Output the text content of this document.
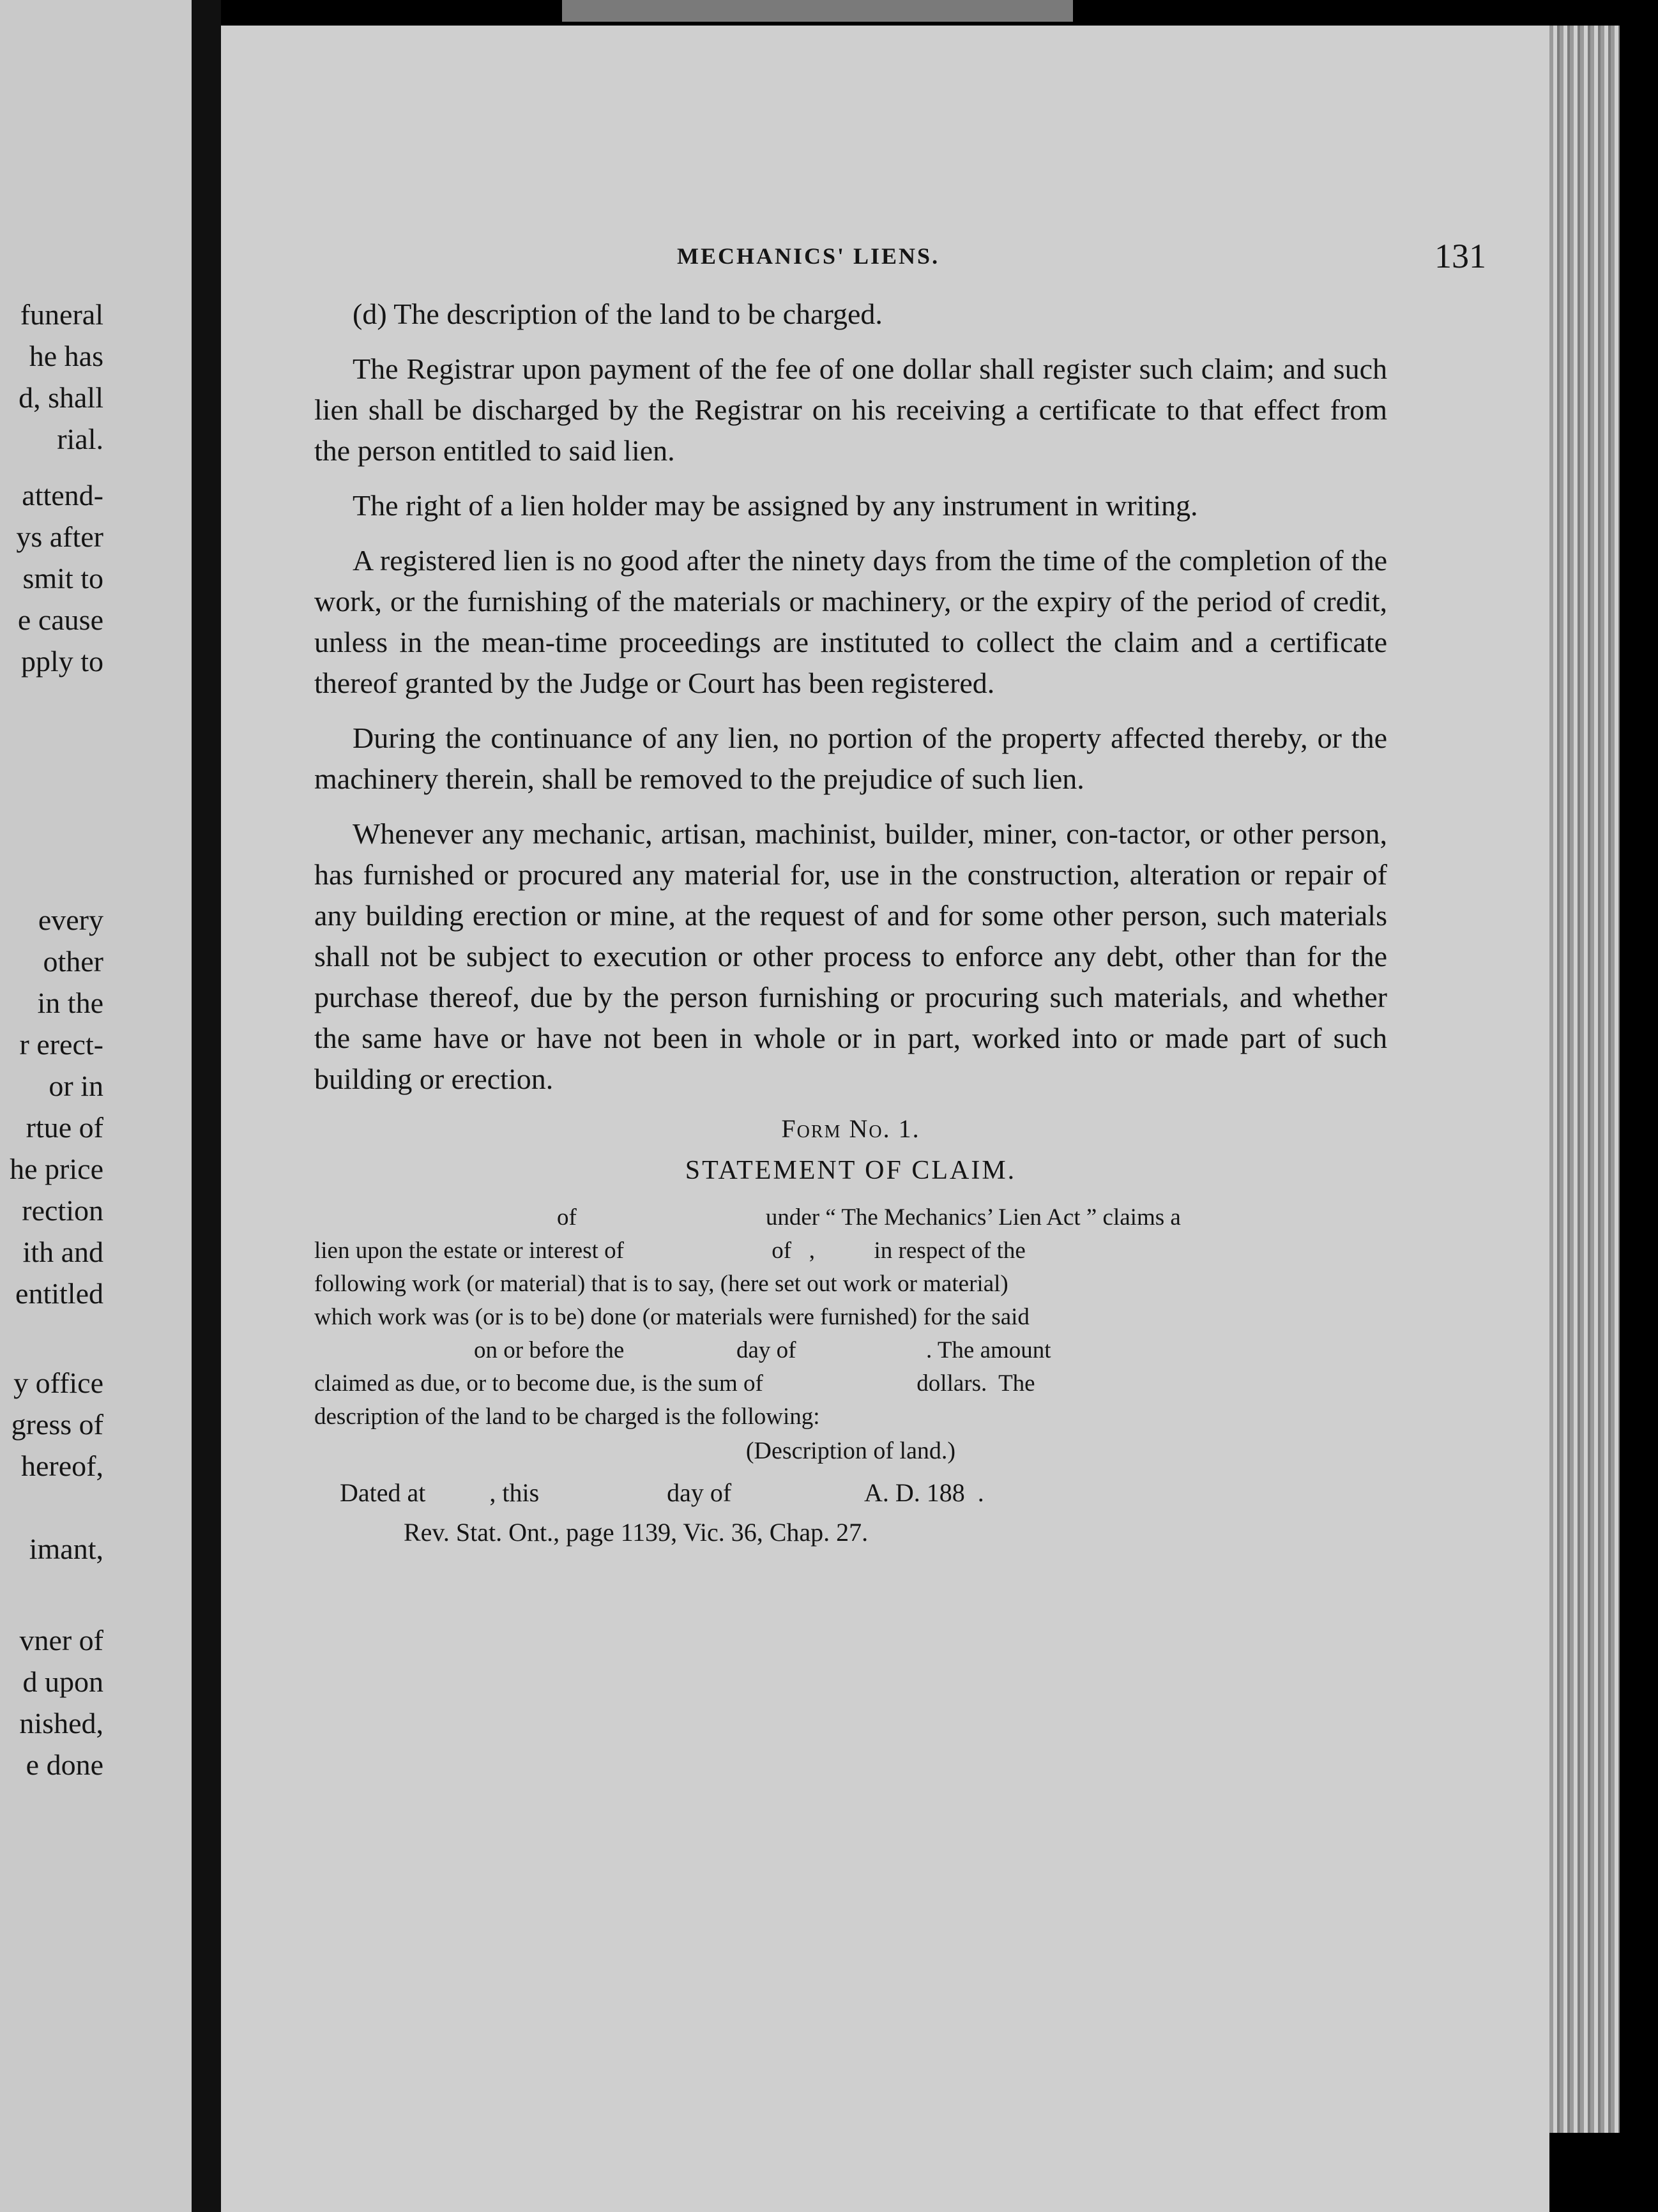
funeral
he has
d, shall
rial.
attend-
ys after
smit to
e cause
pply to
every
other
in the
r erect-
or in
rtue of
he price
rection
ith and
entitled
y office
gress of
hereof,
imant,
vner of
d upon
nished,
e done
MECHANICS' LIENS.	131

(d) The description of the land to be charged.

The Registrar upon payment of the fee of one dollar shall register such claim; and such lien shall be discharged by the Registrar on his receiving a certificate to that effect from the person entitled to said lien.

The right of a lien holder may be assigned by any instrument in writing.

A registered lien is no good after the ninety days from the time of the completion of the work, or the furnishing of the materials or machinery, or the expiry of the period of credit, unless in the mean-time proceedings are instituted to collect the claim and a certificate thereof granted by the Judge or Court has been registered.

During the continuance of any lien, no portion of the property affected thereby, or the machinery therein, shall be removed to the prejudice of such lien.

Whenever any mechanic, artisan, machinist, builder, miner, con-tactor, or other person, has furnished or procured any material for, use in the construction, alteration or repair of any building erection or mine, at the request of and for some other person, such materials shall not be subject to execution or other process to enforce any debt, other than for the purchase thereof, due by the person furnishing or procuring such materials, and whether the same have or have not been in whole or in part, worked into or made part of such building or erection.

Form No. 1.
STATEMENT OF CLAIM.
of                                under “ The Mechanics’ Lien Act ” claims a
lien upon the estate or interest of                         of   ,          in respect of the
following work (or material) that is to say, (here set out work or material)
which work was (or is to be) done (or materials were furnished) for the said
on or before the                   day of                      . The amount
claimed as due, or to become due, is the sum of                          dollars.  The
description of the land to be charged is the following:
(Description of land.)
Dated at          , this                    day of                     A. D. 188  .
Rev. Stat. Ont., page 1139, Vic. 36, Chap. 27.
